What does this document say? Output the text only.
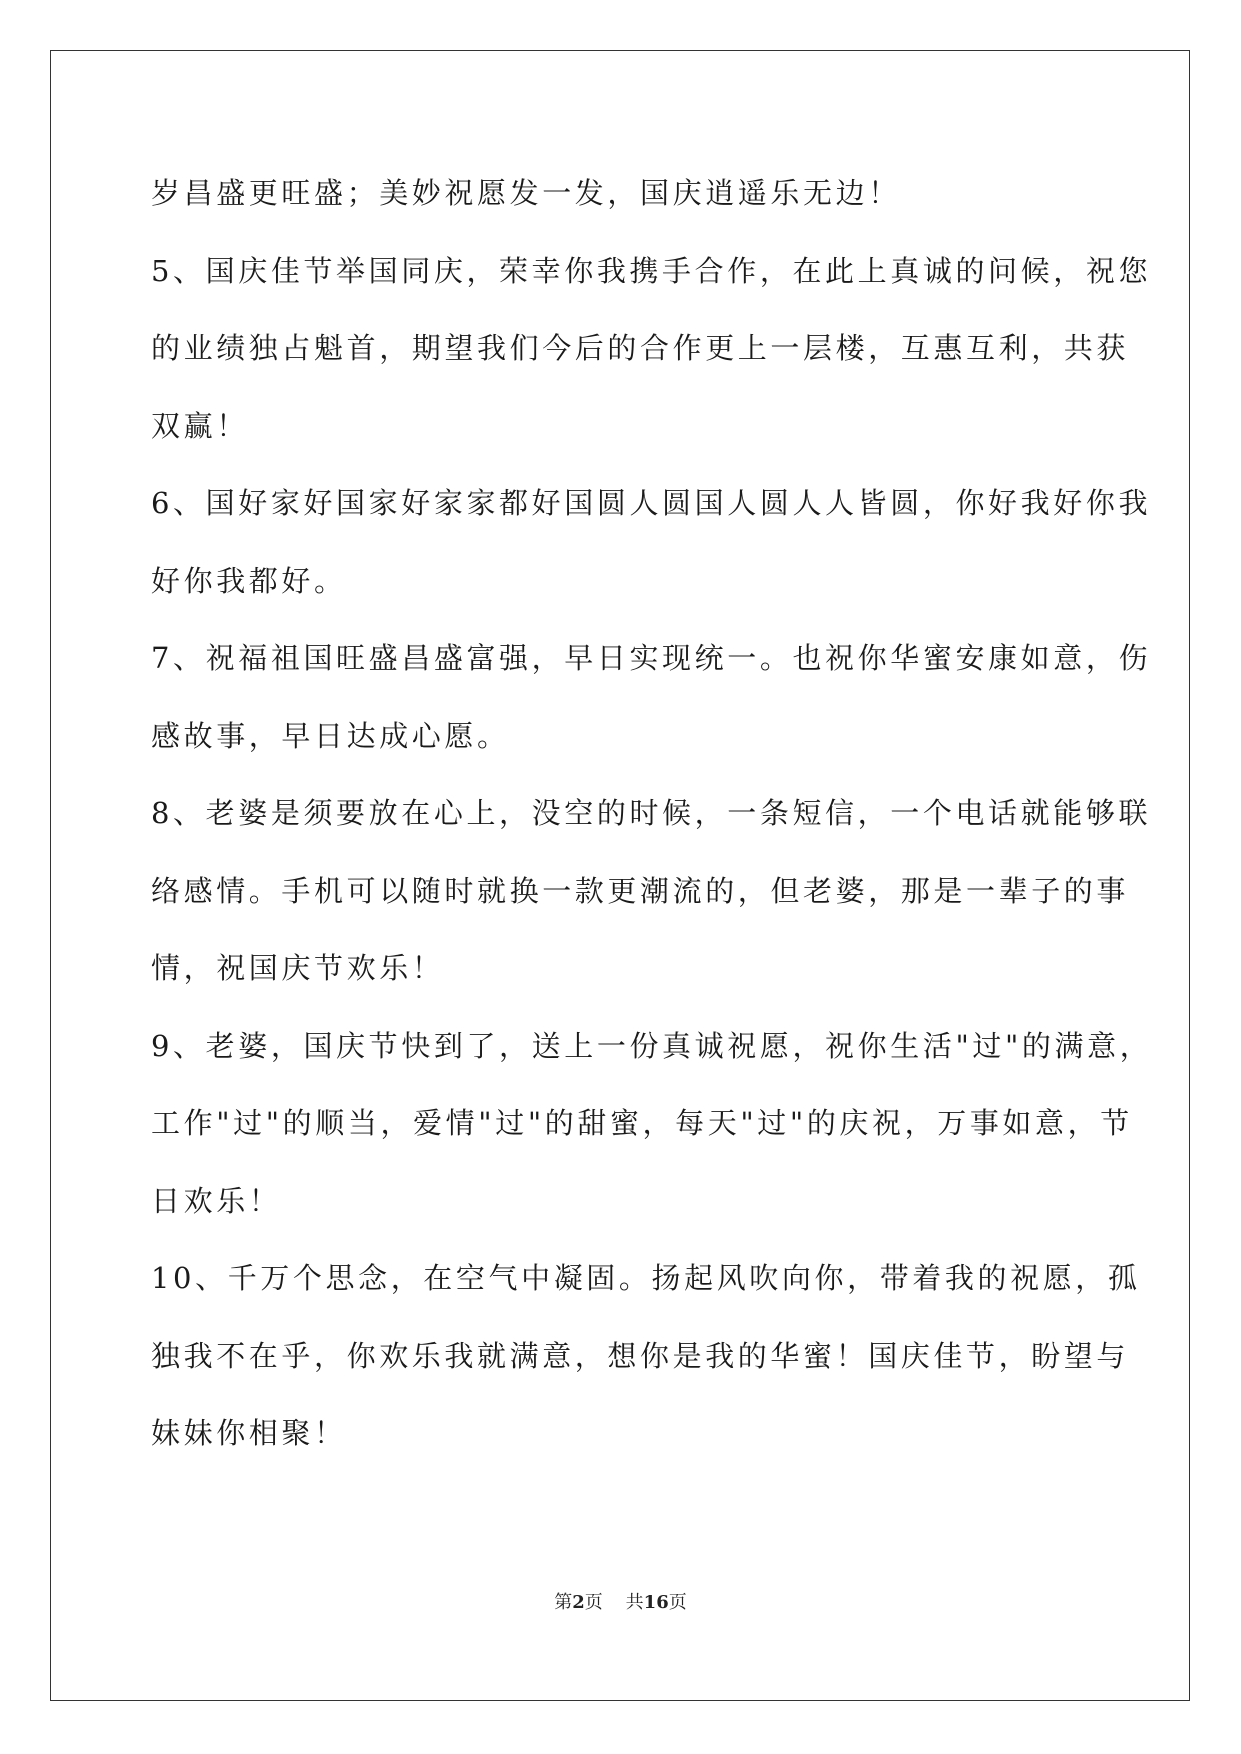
岁昌盛更旺盛；美妙祝愿发一发，国庆逍遥乐无边！
5、国庆佳节举国同庆，荣幸你我携手合作，在此上真诚的问候，祝您
的业绩独占魁首，期望我们今后的合作更上一层楼，互惠互利，共获
双赢！
6、国好家好国家好家家都好国圆人圆国人圆人人皆圆，你好我好你我
好你我都好。
7、祝福祖国旺盛昌盛富强，早日实现统一。也祝你华蜜安康如意，伤
感故事，早日达成心愿。
8、老婆是须要放在心上，没空的时候，一条短信，一个电话就能够联
络感情。手机可以随时就换一款更潮流的，但老婆，那是一辈子的事
情，祝国庆节欢乐！
9、老婆，国庆节快到了，送上一份真诚祝愿，祝你生活"过"的满意，
工作"过"的顺当，爱情"过"的甜蜜，每天"过"的庆祝，万事如意，节
日欢乐！
10、千万个思念，在空气中凝固。扬起风吹向你，带着我的祝愿，孤
独我不在乎，你欢乐我就满意，想你是我的华蜜！国庆佳节，盼望与
妹妹你相聚！
第2页 共16页
